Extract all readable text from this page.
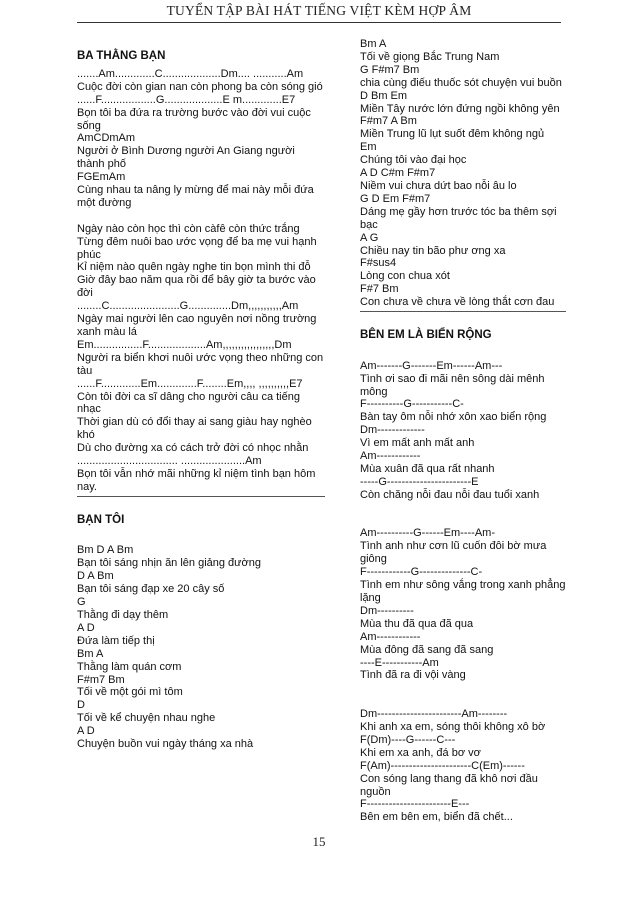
TUYỂN TẬP BÀI HÁT TIẾNG VIỆT KÈM HỢP ÂM
BA THẰNG BẠN
.......Am.............C...................Dm.... ...........Am
Cuộc đời còn gian nan còn phong ba còn sóng gió
......F..................G...................E m.............E7
Bọn tôi ba đứa ra trường bước vào đời vui cuộc sống
AmCDmAm
Người ở Bình Dương người An Giang người thành phố
FGEmAm
Cùng nhau ta nâng ly mừng để mai này mỗi đứa một đường
Ngày nào còn học thì còn càfê còn thức trắng
Từng đêm nuôi bao ước vọng để ba mẹ vui hạnh phúc
Kỉ niệm nào quên ngày nghe tin bọn mình thi đỗ
Giờ đây bao năm qua rồi để bây giờ ta bước vào đời
........C.......................G..............Dm,,,,,,,,,,,Am
Ngày mai người lên cao nguyên nơi nồng trường xanh màu lá
Em................F...................Am,,,,,,,,,,,,,,,,,Dm
Người ra biển khơi nuôi ước vọng theo những con tàu
......F.............Em.............F........Em,,,, ,,,,,,,,,,E7
Còn tôi đời ca sĩ dâng cho người câu ca tiếng nhạc
Thời gian dù có đổi thay ai sang giàu hay nghèo khó
Dù cho đường xa có cách trở đời có nhọc nhằn
................................. .....................Am
Bọn tôi vẫn nhớ mãi những kỉ niệm tình bạn hôm nay.
BẠN TÔI
Bm D A Bm
Bạn tôi sáng nhịn ăn lên giảng đường
D A Bm
Bạn tôi sáng đạp xe 20 cây số
G
Thằng đi dạy thêm
A D
Đứa làm tiếp thị
Bm A
Thằng làm quán cơm
F#m7 Bm
Tối về một gói mì tôm
D
Tối về kể chuyện nhau nghe
A D
Chuyện buồn vui ngày tháng xa nhà
Bm A
Tối về giọng Bắc Trung Nam
G F#m7 Bm
chia cùng điếu thuốc sót chuyện vui buồn
D Bm Em
Miền Tây nước lớn đứng ngồi không yên
F#m7 A Bm
Miền Trung lũ lụt suốt đêm không ngủ
Em
Chúng tôi vào đại học
A D C#m F#m7
Niềm vui chưa dứt bao nỗi âu lo
G D Em F#m7
Dáng mẹ gầy hơn trước tóc ba thêm sợi bạc
A G
Chiều nay tin bão phư ơng xa
F#sus4
Lòng con chua xót
F#7 Bm
Con chưa về chưa về lòng thắt cơn đau
BÊN EM LÀ BIỂN RỘNG
Am-------G-------Em------Am---
Tình ơi sao đi mãi nên sông dài mênh mông
F----------G-----------C-
Bàn tay ôm nỗi nhớ xôn xao biển rộng
Dm-------------
Vì em mất anh mất anh
Am------------
Mùa xuân đã qua rất nhanh
-----G-----------------------E
Còn chăng nỗi đau nỗi đau tuổi xanh
Am----------G------Em----Am-
Tình anh như cơn lũ cuốn đôi bờ mưa giông
F------------G--------------C-
Tình em như sông vắng trong xanh phẳng lặng
Dm----------
Mùa thu đã qua đã qua
Am------------
Mùa đông đã sang đã sang
----E-----------Am
Tình đã ra đi vội vàng
Dm-----------------------Am--------
Khi anh xa em, sóng thôi không xô bờ
F(Dm)----G------C---
Khi em xa anh, đá bơ vơ
F(Am)----------------------C(Em)------
Con sóng lang thang đã khô nơi đầu nguồn
F-----------------------E---
Bên em bên em, biển đã chết...
15
